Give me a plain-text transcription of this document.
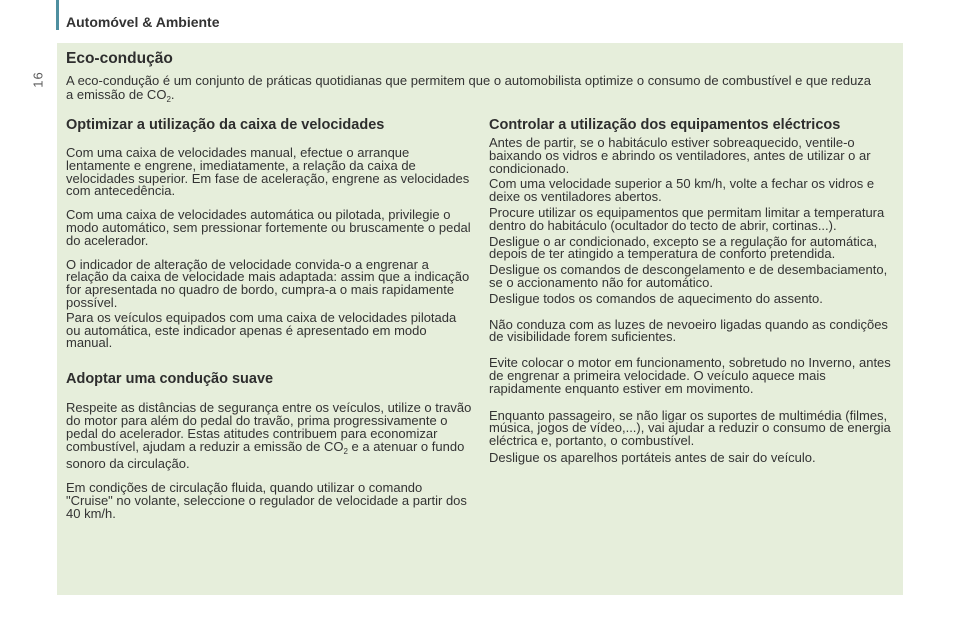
16
Automóvel & Ambiente
Eco-condução
A eco-condução é um conjunto de práticas quotidianas que permitem que o automobilista optimize o consumo de combustível e que reduza a emissão de $CO_2$.
Optimizar a utilização da caixa de velocidades

Com uma caixa de velocidades manual, efectue o arranque lentamente e engrene, imediatamente, a relação da caixa de velocidades superior. Em fase de aceleração, engrene as velocidades com antecedência.

Com uma caixa de velocidades automática ou pilotada, privilegie o modo automático, sem pressionar fortemente ou bruscamente o pedal do acelerador.

O indicador de alteração de velocidade convida-o a engrenar a relação da caixa de velocidade mais adaptada: assim que a indicação for apresentada no quadro de bordo, cumpra-a o mais rapidamente possível.

Para os veículos equipados com uma caixa de velocidades pilotada ou automática, este indicador apenas é apresentado em modo manual.

Adoptar uma condução suave

Respeite as distâncias de segurança entre os veículos, utilize o travão do motor para além do pedal do travão, prima progressivamente o pedal do acelerador. Estas atitudes contribuem para economizar combustível, ajudam a reduzir a emissão de $CO_2$ e a atenuar o fundo sonoro da circulação.

Em condições de circulação fluida, quando utilizar o comando "Cruise" no volante, seleccione o regulador de velocidade a partir dos 40 km/h.

Controlar a utilização dos equipamentos eléctricos

Antes de partir, se o habitáculo estiver sobreaquecido, ventile-o baixando os vidros e abrindo os ventiladores, antes de utilizar o ar condicionado.

Com uma velocidade superior a 50 km/h, volte a fechar os vidros e deixe os ventiladores abertos.

Procure utilizar os equipamentos que permitam limitar a temperatura dentro do habitáculo (ocultador do tecto de abrir, cortinas...).

Desligue o ar condicionado, excepto se a regulação for automática, depois de ter atingido a temperatura de conforto pretendida.

Desligue os comandos de descongelamento e de desembaciamento, se o accionamento não for automático.

Desligue todos os comandos de aquecimento do assento.

Não conduza com as luzes de nevoeiro ligadas quando as condições de visibilidade forem suficientes.

Evite colocar o motor em funcionamento, sobretudo no Inverno, antes de engrenar a primeira velocidade. O veículo aquece mais rapidamente enquanto estiver em movimento.

Enquanto passageiro, se não ligar os suportes de multimédia (filmes, música, jogos de vídeo,...), vai ajudar a reduzir o consumo de energia eléctrica e, portanto, o combustível.

Desligue os aparelhos portáteis antes de sair do veículo.
